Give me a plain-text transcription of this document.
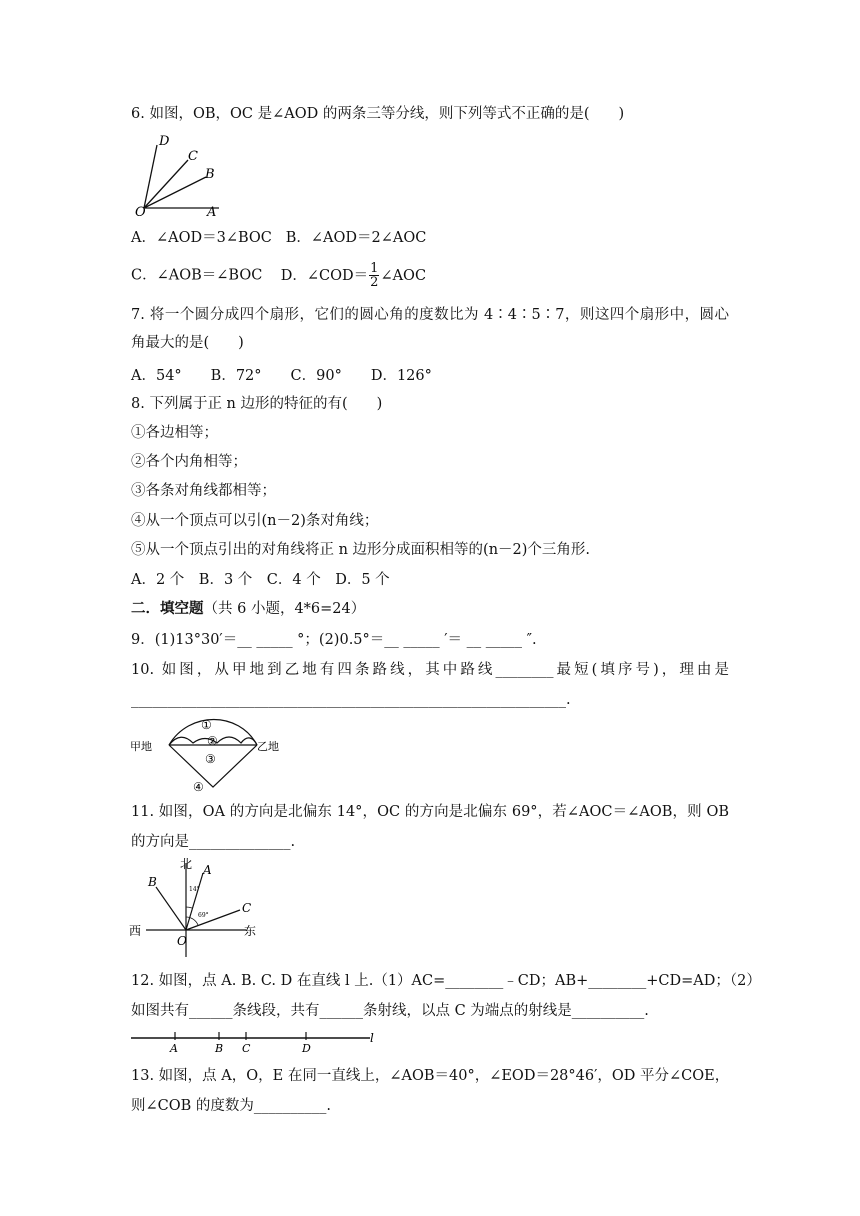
6. 如图，OB，OC 是∠AOD 的两条三等分线，则下列等式不正确的是(　　)
D
C
B
O	A
A．∠AOD＝3∠BOC B．∠AOD＝2∠AOC
C．∠AOB＝∠BOC D．∠COD＝ $\frac{1}{2}$ ∠AOC
7. 将一个圆分成四个扇形，它们的圆心角的度数比为 4∶4∶5∶7，则这四个扇形中，圆心
角最大的是(　　)
A．54°　　B．72°　　C．90°　　D．126°
8. 下列属于正 n 边形的特征的有(　　)
①各边相等；
②各个内角相等；
③各条对角线都相等；
④从一个顶点可以引(n－2)条对角线；
⑤从一个顶点引出的对角线将正 n 边形分成面积相等的(n－2)个三角形.
A．2 个　B．3 个　C．4 个　D．5 个
二．填空题（共 6 小题，4*6=24）
9．(1)13°30′＝__ _____ °；(2)0.5°＝__ _____ ′＝ __ _____ ″.
10. 如图，从甲地到乙地有四条路线，其中路线________最短(填序号)，理由是
____________________________________________________________.
甲地	乙地
①
②
③
④
11. 如图，OA 的方向是北偏东 14°，OC 的方向是北偏东 69°，若∠AOC＝∠AOB，则 OB
的方向是______________.
北
东
西
O
A
B
C
14°
69°
12. 如图，点 A. B. C. D 在直线 l 上.（1）AC=________﹣CD；AB+________+CD=AD；（2）
如图共有______条线段，共有______条射线，以点 C 为端点的射线是__________.
A	B C	D
l
13. 如图，点 A，O，E 在同一直线上，∠AOB＝40°，∠EOD＝28°46′，OD 平分∠COE，
则∠COB 的度数为__________.
